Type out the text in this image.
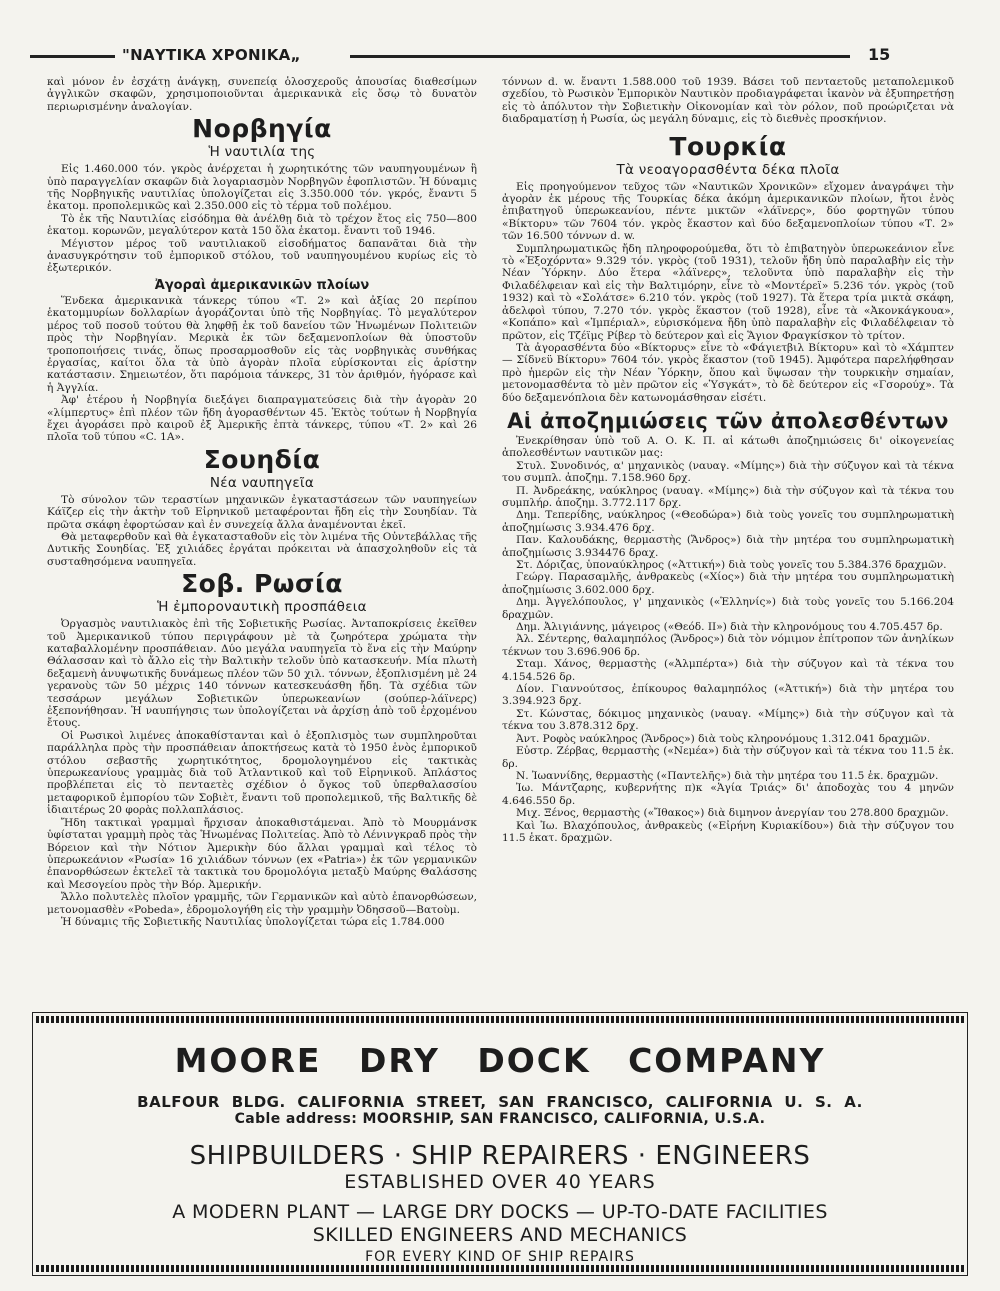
"ΝΑΥΤΙΚΑ ΧΡΟΝΙΚΑ„	15

καὶ μόνον ἐν ἐσχάτῃ ἀνάγκῃ, συνεπείᾳ ὁλοσχεροῦς ἀπουσίας διαθεσίμων ἀγγλικῶν σκαφῶν, χρησιμοποιοῦνται ἀμερικανικὰ εἰς ὅσῳ τὸ δυνατὸν περιωρισμένην ἀναλογίαν.

Νορβηγία
Ἡ ναυτιλία της

Εἰς 1.460.000 τόν. γκρὸς ἀνέρχεται ἡ χωρητικότης τῶν ναυπηγουμένων ἢ ὑπὸ παραγγελίαν σκαφῶν διὰ λογαριασμὸν Νορβηγῶν ἐφοπλιστῶν. Ἡ δύναμις τῆς Νορβηγικῆς ναυτιλίας ὑπολογίζεται εἰς 3.350.000 τόν. γκρός, ἔναντι 5 ἑκατομ. προπολεμικῶς καὶ 2.350.000 εἰς τὸ τέρμα τοῦ πολέμου.

Τὸ ἐκ τῆς Ναυτιλίας εἰσόδημα θὰ ἀνέλθῃ διὰ τὸ τρέχον ἔτος εἰς 750—800 ἑκατομ. κορωνῶν, μεγαλύτερον κατὰ 150 ὅλα ἑκατομ. ἔναντι τοῦ 1946.

Μέγιστον μέρος τοῦ ναυτιλιακοῦ εἰσοδήματος δαπανᾶται διὰ τὴν ἀνασυγκρότησιν τοῦ ἐμπορικοῦ στόλου, τοῦ ναυπηγουμένου κυρίως εἰς τὸ ἐξωτερικόν.

Ἀγοραὶ ἀμερικανικῶν πλοίων

Ἕνδεκα ἀμερικανικὰ τάνκερς τύπου «Τ. 2» καὶ ἀξίας 20 περίπου ἑκατομμυρίων δολλαρίων ἀγοράζονται ὑπὸ τῆς Νορβηγίας. Τὸ μεγαλύτερον μέρος τοῦ ποσοῦ τούτου θὰ ληφθῇ ἐκ τοῦ δανείου τῶν Ἡνωμένων Πολιτειῶν πρὸς τὴν Νορβηγίαν. Μερικὰ ἐκ τῶν δεξαμενοπλοίων θὰ ὑποστοῦν τροποποιήσεις τινάς, ὅπως προσαρμοσθοῦν εἰς τὰς νορβηγικὰς συνθήκας ἐργασίας, καίτοι ὅλα τὰ ὑπὸ ἀγορὰν πλοῖα εὑρίσκονται εἰς ἀρίστην κατάστασιν. Σημειωτέον, ὅτι παρόμοια τάνκερς, 31 τὸν ἀριθμόν, ἠγόρασε καὶ ἡ Ἀγγλία.

Ἀφ' ἑτέρου ἡ Νορβηγία διεξάγει διαπραγματεύσεις διὰ τὴν ἀγορὰν 20 «λίμπερτυς» ἐπὶ πλέον τῶν ἤδη ἀγορασθέντων 45. Ἐκτὸς τούτων ἡ Νορβηγία ἔχει ἀγοράσει πρὸ καιροῦ ἐξ Ἀμερικῆς ἑπτὰ τάνκερς, τύπου «Τ. 2» καὶ 26 πλοῖα τοῦ τύπου «C. 1A».

Σουηδία
Νέα ναυπηγεῖα

Τὸ σύνολον τῶν τεραστίων μηχανικῶν ἐγκαταστάσεων τῶν ναυπηγείων Κάϊζερ εἰς τὴν ἀκτὴν τοῦ Εἰρηνικοῦ μεταφέρονται ἤδη εἰς τὴν Σουηδίαν. Τὰ πρῶτα σκάφη ἐφορτώσαν καὶ ἐν συνεχείᾳ ἄλλα ἀναμένονται ἐκεῖ.

Θὰ μεταφερθοῦν καὶ θὰ ἐγκατασταθοῦν εἰς τὸν λιμένα τῆς Οὐντεβάλλας τῆς Δυτικῆς Σουηδίας. Ἐξ χιλιάδες ἐργάται πρόκειται νὰ ἀπασχοληθοῦν εἰς τὰ συσταθησόμενα ναυπηγεῖα.

Σοβ. Ρωσία
Ἡ ἐμποροναυτικὴ προσπάθεια

Ὀργασμὸς ναυτιλιακὸς ἐπὶ τῆς Σοβιετικῆς Ρωσίας. Ἀνταποκρίσεις ἐκεῖθεν τοῦ Ἀμερικανικοῦ τύπου περιγράφουν μὲ τὰ ζωηρότερα χρώματα τὴν καταβαλλομένην προσπάθειαν. Δύο μεγάλα ναυπηγεῖα τὸ ἕνα εἰς τὴν Μαύρην Θάλασσαν καὶ τὸ ἄλλο εἰς τὴν Βαλτικὴν τελοῦν ὑπὸ κατασκευήν. Μία πλωτὴ δεξαμενὴ ἀνυψωτικῆς δυνάμεως πλέον τῶν 50 χιλ. τόννων, ἐξοπλισμένη μὲ 24 γερανοὺς τῶν 50 μέχρις 140 τόννων κατεσκευάσθη ἤδη. Τὰ σχέδια τῶν τεσσάρων μεγάλων Σοβιετικῶν ὑπερωκεανίων (σούπερ-λάϊνερς) ἐξεπονήθησαν. Ἡ ναυπήγησις των ὑπολογίζεται νὰ ἀρχίσῃ ἀπὸ τοῦ ἐρχομένου ἔτους.

Οἱ Ρωσικοὶ λιμένες ἀποκαθίστανται καὶ ὁ ἐξοπλισμὸς των συμπληροῦται παράλληλα πρὸς τὴν προσπάθειαν ἀποκτήσεως κατὰ τὸ 1950 ἑνὸς ἐμπορικοῦ στόλου σεβαστῆς χωρητικότητος, δρομολογημένου εἰς τακτικὰς ὑπερωκεανίους γραμμὰς διὰ τοῦ Ἀτλαντικοῦ καὶ τοῦ Εἰρηνικοῦ. Ἀπλάστος προβλέπεται εἰς τὸ πενταετὲς σχέδιον ὁ ὄγκος τοῦ ὑπερθαλασσίου μεταφορικοῦ ἐμπορίου τῶν Σοβιὲτ, ἔναντι τοῦ προπολεμικοῦ, τῆς Βαλτικῆς δὲ ἰδιαιτέρως 20 φορὰς πολλαπλάσιος.

Ἤδη τακτικαὶ γραμμαὶ ἤρχισαν ἀποκαθιστάμεναι. Ἀπὸ τὸ Μουρμάνσκ ὑφίσταται γραμμὴ πρὸς τὰς Ἡνωμένας Πολιτείας. Ἀπὸ τὸ Λένινγκραδ πρὸς τὴν Βόρειον καὶ τὴν Νότιον Ἀμερικὴν δύο ἄλλαι γραμμαὶ καὶ τέλος τὸ ὑπερωκεάνιον «Ρωσία» 16 χιλιάδων τόννων (ex «Patria») ἐκ τῶν γερμανικῶν ἐπανορθώσεων ἐκτελεῖ τὰ τακτικὰ του δρομολόγια μεταξὺ Μαύρης Θαλάσσης καὶ Μεσογείου πρὸς τὴν Βόρ. Ἀμερικήν.

Ἄλλο πολυτελὲς πλοῖον γραμμῆς, τῶν Γερμανικῶν καὶ αὐτὸ ἐπανορθώσεων, μετονομασθὲν «Pobeda», ἐδρομολογήθη εἰς τὴν γραμμὴν Ὀδησσοῦ—Βατοὺμ.

Ἡ δύναμις τῆς Σοβιετικῆς Ναυτιλίας ὑπολογίζεται τώρα εἰς 1.784.000

τόννων d. w. ἔναντι 1.588.000 τοῦ 1939. Βάσει τοῦ πενταετοῦς μεταπολεμικοῦ σχεδίου, τὸ Ρωσικὸν Ἐμπορικὸν Ναυτικὸν προδιαγράφεται ἱκανὸν νὰ ἐξυπηρετήσῃ εἰς τὸ ἀπόλυτον τὴν Σοβιετικὴν Οἰκονομίαν καὶ τὸν ρόλον, ποῦ προώριζεται νὰ διαδραματίσῃ ἡ Ρωσία, ὡς μεγάλη δύναμις, εἰς τὸ διεθνὲς προσκήνιον.

Τουρκία
Τὰ νεοαγορασθέντα δέκα πλοῖα

Εἰς προηγούμενον τεῦχος τῶν «Ναυτικῶν Χρονικῶν» εἴχομεν ἀναγράψει τὴν ἀγορὰν ἐκ μέρους τῆς Τουρκίας δέκα ἀκόμη ἀμερικανικῶν πλοίων, ἤτοι ἑνὸς ἐπιβατηγοῦ ὑπερωκεανίου, πέντε μικτῶν «λάϊνερς», δύο φορτηγῶν τύπου «Βίκτορυ» τῶν 7604 τόν. γκρὸς ἕκαστον καὶ δύο δεξαμενοπλοίων τύπου «Τ. 2» τῶν 16.500 τόννων d. w.

Συμπληρωματικῶς ἤδη πληροφορούμεθα, ὅτι τὸ ἐπιβατηγὸν ὑπερωκεάνιον εἶνε τὸ «Ἐξοχόρντα» 9.329 τόν. γκρὸς (τοῦ 1931), τελοῦν ἤδη ὑπὸ παραλαβὴν εἰς τὴν Νέαν Ὑόρκην. Δύο ἕτερα «λάϊνερς», τελοῦντα ὑπὸ παραλαβὴν εἰς τὴν Φιλαδέλφειαν καὶ εἰς τὴν Βαλτιμόρην, εἶνε τὸ «Μοντέρεϊ» 5.236 τόν. γκρὸς (τοῦ 1932) καὶ τὸ «Σολάτσε» 6.210 τόν. γκρὸς (τοῦ 1927). Τὰ ἕτερα τρία μικτὰ σκάφη, ἀδελφοὶ τύπου, 7.270 τόν. γκρὸς ἕκαστον (τοῦ 1928), εἶνε τὰ «Ἀκονκάγκουα», «Κοπάπο» καὶ «Ἰμπέριαλ», εὑρισκόμενα ἤδη ὑπὸ παραλαβὴν εἰς Φιλαδέλφειαν τὸ πρῶτον, εἰς Τζέϊμς Ρίβερ τὸ δεύτερον καὶ εἰς Ἅγιον Φραγκίσκον τὸ τρίτον.

Τὰ ἀγορασθέντα δύο «Βίκτορυς» εἶνε τὸ «Φάγιετβιλ Βίκτορυ» καὶ τὸ «Χάμπτεν — Σίδνεϋ Βίκτορυ» 7604 τόν. γκρὸς ἕκαστον (τοῦ 1945). Ἀμφότερα παρελήφθησαν πρὸ ἡμερῶν εἰς τὴν Νέαν Ὑόρκην, ὅπου καὶ ὕψωσαν τὴν τουρκικὴν σημαίαν, μετονομασθέντα τὸ μὲν πρῶτον εἰς «Ὑσγκάτ», τὸ δὲ δεύτερον εἰς «Γσορούχ». Τὰ δύο δεξαμενόπλοια δὲν κατωνομάσθησαν εἰσέτι.

Αἱ ἀποζημιώσεις τῶν ἀπολεσθέντων

Ἐνεκρίθησαν ὑπὸ τοῦ Α. Ο. Κ. Π. αἱ κάτωθι ἀποζημιώσεις δι' οἰκογενείας ἀπολεσθέντων ναυτικῶν μας:

Στυλ. Συνοδινός, α' μηχανικὸς (ναυαγ. «Μίμης») διὰ τὴν σύζυγον καὶ τὰ τέκνα του συμπλ. ἀποζημ. 7.158.960 δρχ.

Π. Ἀνδρεάκης, ναύκληρος (ναυαγ. «Μίμης») διὰ τὴν σύζυγον καὶ τὰ τέκνα του συμπλήρ. ἀποζημ. 3.772.117 δρχ.

Δημ. Τεπερίδης, ναύκληρος («Θεοδώρα») διὰ τοὺς γονεῖς του συμπληρωματικὴ ἀποζημίωσις 3.934.476 δρχ.

Παν. Καλουδάκης, θερμαστὴς (Ἄνδρος») διὰ τὴν μητέρα του συμπληρωματικὴ ἀποζημίωσις 3.934476 δραχ.

Στ. Δόριζας, ὑποναύκληρος («Ἀττική») διὰ τοὺς γονεῖς του 5.384.376 δραχμῶν.

Γεώργ. Παρασαμλῆς, ἀνθρακεὺς («Χίος») διὰ τὴν μητέρα του συμπληρωματικὴ ἀποζημίωσις 3.602.000 δρχ.

Δημ. Ἀγγελόπουλος, γ' μηχανικὸς («Ἑλληνίς») διὰ τοὺς γονεῖς του 5.166.204 δραχμῶν.

Δημ. Ἀλιγιάννης, μάγειρος («Θεόδ. ΙΙ») διὰ τὴν κληρονόμους του 4.705.457 δρ.

Ἀλ. Σέντερης, θαλαμηπόλος (Ἄνδρος») διὰ τὸν νόμιμον ἐπίτροπον τῶν ἀνηλίκων τέκνων του 3.696.906 δρ.

Σταμ. Χάνος, θερμαστὴς («Ἀλμπέρτα») διὰ τὴν σύζυγον καὶ τὰ τέκνα του 4.154.526 δρ.

Δίον. Γιαννούτσος, ἐπίκουρος θαλαμηπόλος («Ἀττική») διὰ τὴν μητέρα του 3.394.923 δρχ.

Στ. Κώνστας, δόκιμος μηχανικὸς (ναυαγ. «Μίμης») διὰ τὴν σύζυγον καὶ τὰ τέκνα του 3.878.312 δρχ.

Ἀντ. Ροφὸς ναύκληρος (Ἄνδρος») διὰ τοὺς κληρονόμους 1.312.041 δραχμῶν.

Εὐστρ. Ζέρβας, θερμαστὴς («Νεμέα») διὰ τὴν σύζυγον καὶ τὰ τέκνα του 11.5 ἑκ. δρ.

Ν. Ἰωαννίδης, θερμαστὴς («Παντελῆς») διὰ τὴν μητέρα του 11.5 ἑκ. δραχμῶν.

Ἰω. Μάντζαρης, κυβερνήτης π)κ «Ἁγία Τριάς» δι' ἀποδοχὰς του 4 μηνῶν 4.646.550 δρ.

Μιχ. Ξένος, θερμαστὴς («Ἴθακος») διὰ διμηνον ἀνεργίαν του 278.800 δραχμῶν.

Καὶ Ἰω. Βλαχόπουλος, ἀνθρακεὺς («Εἰρήνη Κυριακίδου») διὰ τὴν σύζυγον του 11.5 ἑκατ. δραχμῶν.

MOORE DRY DOCK COMPANY
BALFOUR BLDG. CALIFORNIA STREET, SAN FRANCISCO, CALIFORNIA U. S. A.
Cable address: MOORSHIP, SAN FRANCISCO, CALIFORNIA, U.S.A.
SHIPBUILDERS · SHIP REPAIRERS · ENGINEERS
ESTABLISHED OVER 40 YEARS
A MODERN PLANT — LARGE DRY DOCKS — UP-TO-DATE FACILITIES
SKILLED ENGINEERS AND MECHANICS
FOR EVERY KIND OF SHIP REPAIRS
